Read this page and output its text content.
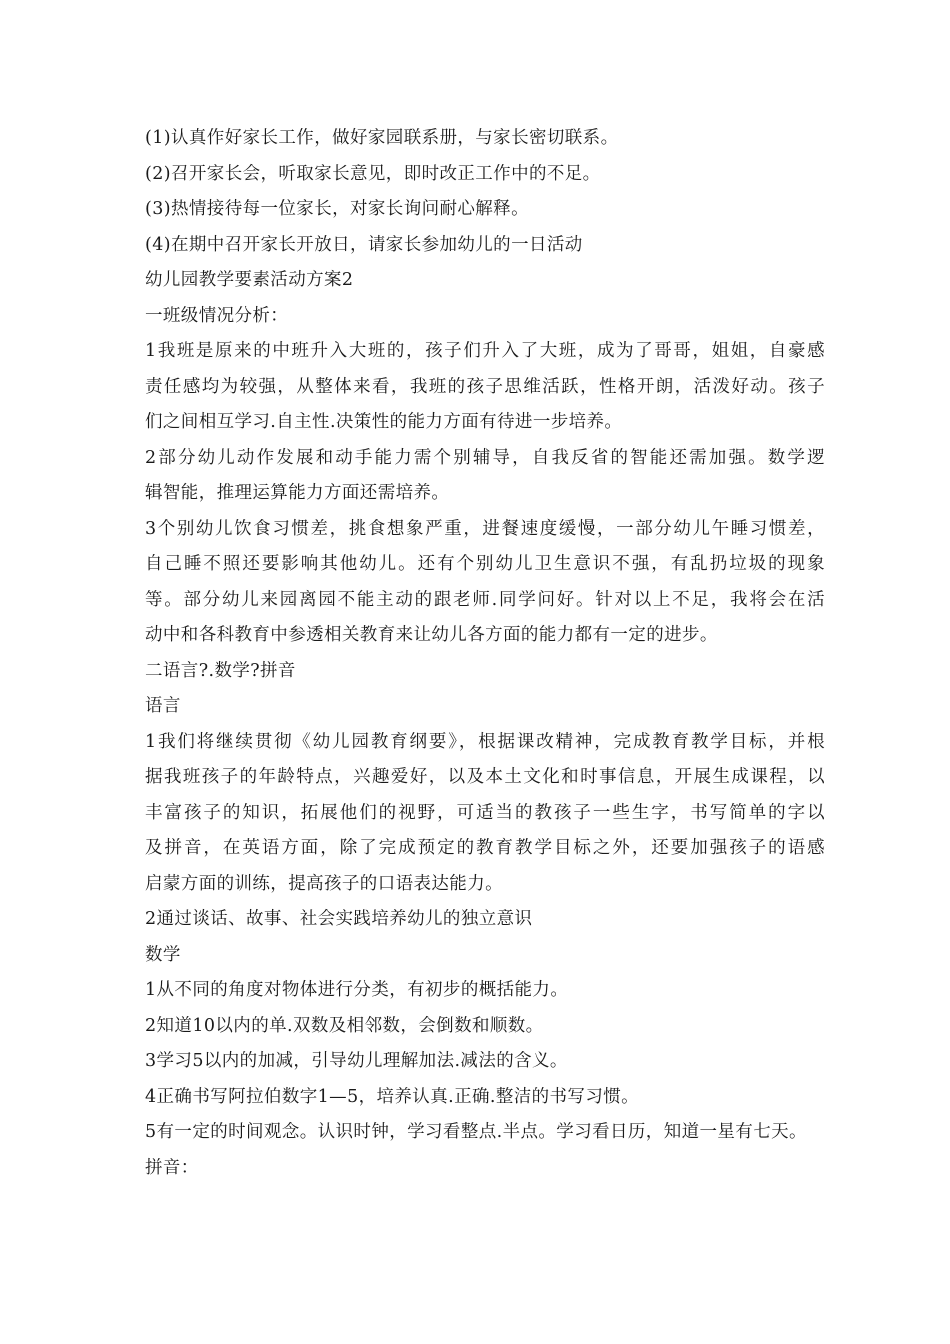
(1)认真作好家长工作，做好家园联系册，与家长密切联系。
(2)召开家长会，听取家长意见，即时改正工作中的不足。
(3)热情接待每一位家长，对家长询问耐心解释。
(4)在期中召开家长开放日，请家长参加幼儿的一日活动
幼儿园教学要素活动方案2
一班级情况分析：
1我班是原来的中班升入大班的，孩子们升入了大班，成为了哥哥，姐姐，自豪感
责任感均为较强，从整体来看，我班的孩子思维活跃，性格开朗，活泼好动。孩子
们之间相互学习.自主性.决策性的能力方面有待进一步培养。
2部分幼儿动作发展和动手能力需个别辅导，自我反省的智能还需加强。数学逻
辑智能，推理运算能力方面还需培养。
3个别幼儿饮食习惯差，挑食想象严重，进餐速度缓慢，一部分幼儿午睡习惯差，
自己睡不照还要影响其他幼儿。还有个别幼儿卫生意识不强，有乱扔垃圾的现象
等。部分幼儿来园离园不能主动的跟老师.同学问好。针对以上不足，我将会在活
动中和各科教育中参透相关教育来让幼儿各方面的能力都有一定的进步。
二语言?.数学?拼音
语言
1我们将继续贯彻《幼儿园教育纲要》，根据课改精神，完成教育教学目标，并根
据我班孩子的年龄特点，兴趣爱好，以及本土文化和时事信息，开展生成课程，以
丰富孩子的知识，拓展他们的视野，可适当的教孩子一些生字，书写简单的字以
及拼音，在英语方面，除了完成预定的教育教学目标之外，还要加强孩子的语感
启蒙方面的训练，提高孩子的口语表达能力。
2通过谈话、故事、社会实践培养幼儿的独立意识
数学
1从不同的角度对物体进行分类，有初步的概括能力。
2知道10以内的单.双数及相邻数，会倒数和顺数。
3学习5以内的加减，引导幼儿理解加法.减法的含义。
4正确书写阿拉伯数字1—5，培养认真.正确.整洁的书写习惯。
5有一定的时间观念。认识时钟，学习看整点.半点。学习看日历，知道一星有七天。
拼音：
